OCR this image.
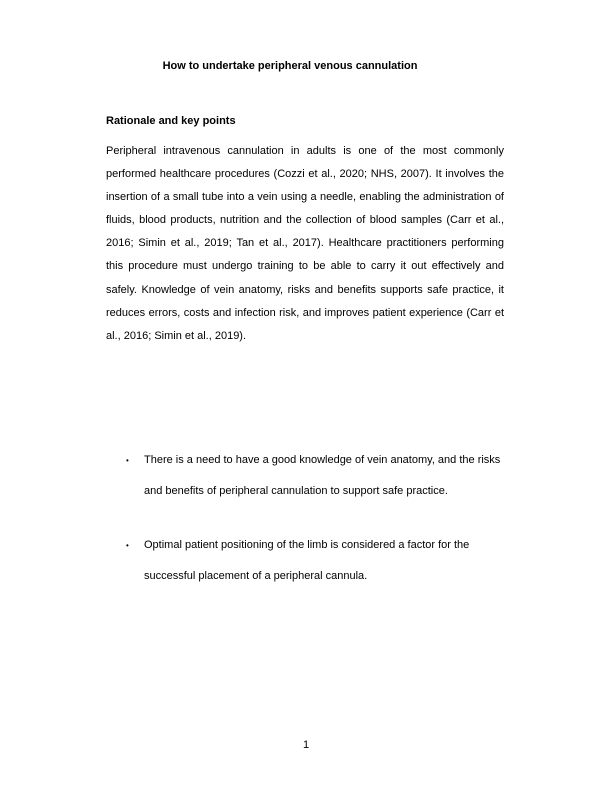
How to undertake peripheral venous cannulation
Rationale and key points

Peripheral intravenous cannulation in adults is one of the most commonly performed healthcare procedures (Cozzi et al., 2020; NHS, 2007). It involves the insertion of a small tube into a vein using a needle, enabling the administration of fluids, blood products, nutrition and the collection of blood samples (Carr et al., 2016; Simin et al., 2019; Tan et al., 2017). Healthcare practitioners performing this procedure must undergo training to be able to carry it out effectively and safely. Knowledge of vein anatomy, risks and benefits supports safe practice, it reduces errors, costs and infection risk, and improves patient experience (Carr et al., 2016; Simin et al., 2019).

• There is a need to have a good knowledge of vein anatomy, and the risks and benefits of peripheral cannulation to support safe practice.
• Optimal patient positioning of the limb is considered a factor for the successful placement of a peripheral cannula.
1
